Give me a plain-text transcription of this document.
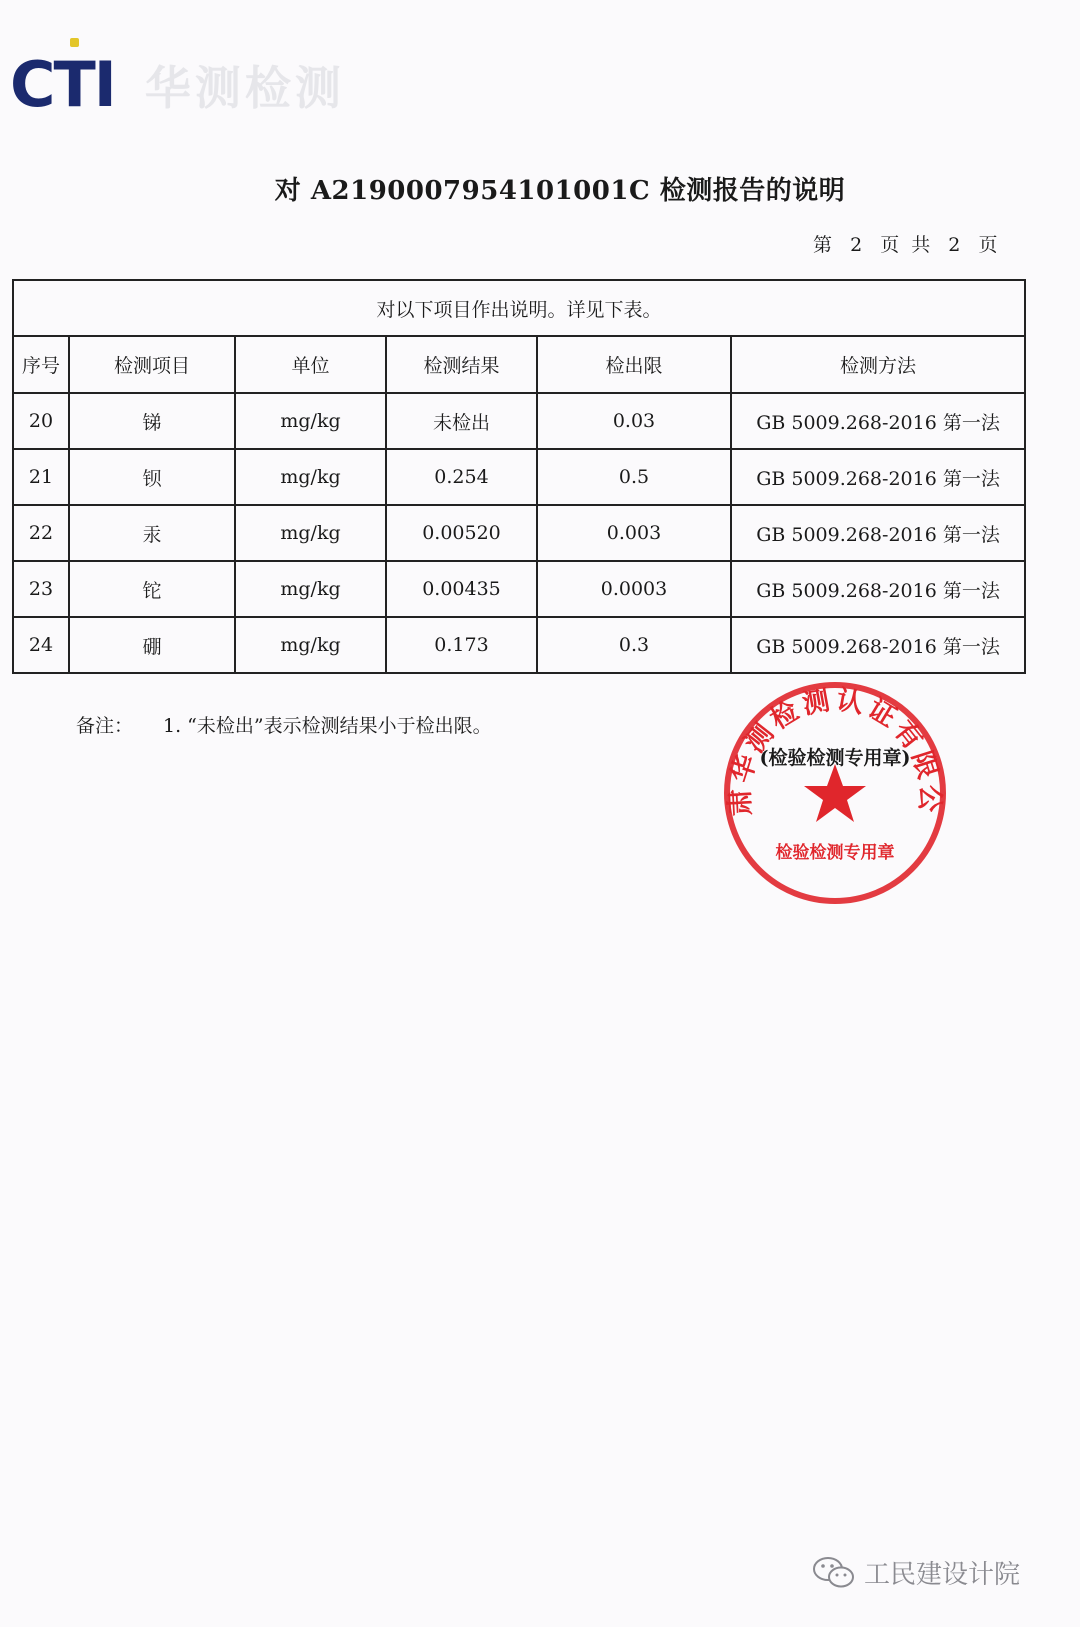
CTI 华测检测
对 A2190007954101001C 检测报告的说明
第 2 页 共 2 页
对以下项目作出说明。详见下表。					
序号	检测项目	单位	检测结果	检出限	检测方法
20	锑	mg/kg	未检出	0.03	GB 5009.268-2016 第一法
21	钡	mg/kg	0.254	0.5	GB 5009.268-2016 第一法
22	汞	mg/kg	0.00520	0.003	GB 5009.268-2016 第一法
23	铊	mg/kg	0.00435	0.0003	GB 5009.268-2016 第一法
24	硼	mg/kg	0.173	0.3	GB 5009.268-2016 第一法
备注： 1. “未检出”表示检测结果小于检出限。
肃华测检测认证有限公
(检验检测专用章)
检验检测专用章
工民建设计院
